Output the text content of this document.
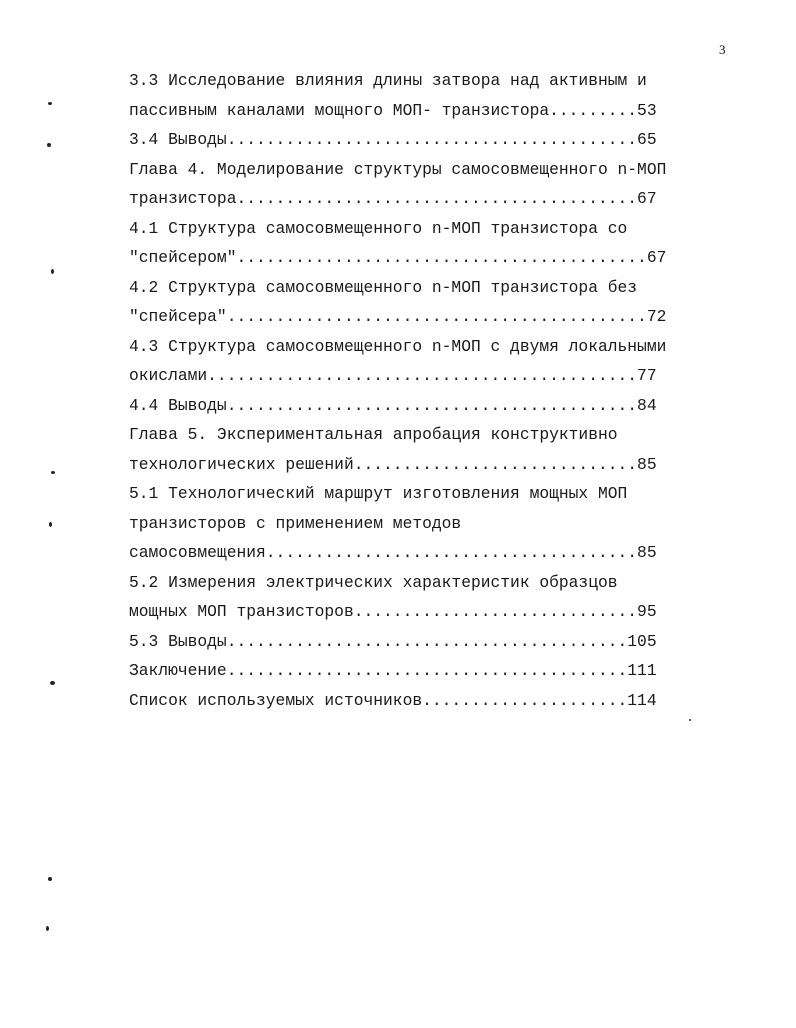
3
3.3 Исследование влияния длины затвора над активным и
пассивным каналами мощного МОП- транзистора.........53
3.4 Выводы..........................................65
Глава 4. Моделирование структуры самосовмещенного n-МОП
транзистора.........................................67
4.1 Структура самосовмещенного n-МОП транзистора со
"спейсером"..........................................67
4.2 Структура самосовмещенного n-МОП транзистора без
"спейсера"...........................................72
4.3 Структура самосовмещенного n-МОП с двумя локальными
окислами............................................77
4.4 Выводы..........................................84
Глава 5. Экспериментальная апробация конструктивно
технологических решений.............................85
5.1 Технологический маршрут изготовления мощных МОП
транзисторов с применением методов
самосовмещения......................................85
5.2 Измерения электрических характеристик образцов
мощных МОП транзисторов.............................95
5.3 Выводы.........................................105
Заключение.........................................111
Список используемых источников.....................114
